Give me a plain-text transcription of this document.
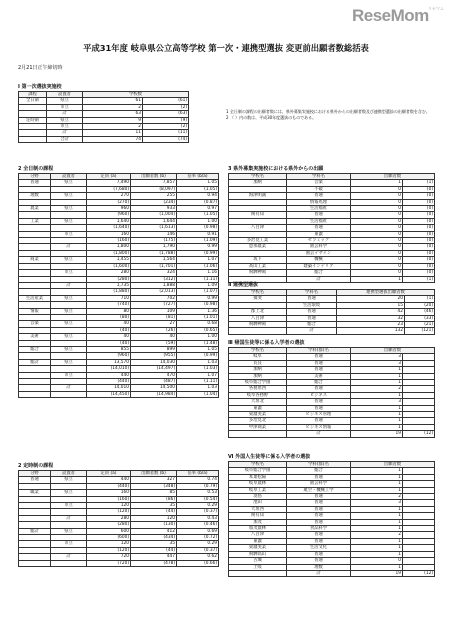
ReseMom リセマム
平成31年度 岐阜県公立高等学校 第一次・連携型選抜 変更前出願者数総括表
2月21日正午締切時
Ⅰ 第一次選抜実施校
課程	設置者	学校数	
全日制	県立	61	(61)
	市立	2	(2)
	計	63	(63)
定時制	県立	9	(9)
	市立	2	(2)
	計	11	(11)
	合計	74	(74)
1 全日制の課程の出願者数には、県外募集実施校における県外からの出願者数及び連携型選抜の出願者数を含む。
2 （ ）内の数は、平成30年度選抜のものである。
2 全日制の課程
分野	設置者	定員 (a)	出願者数 (b)	倍率 (b/a)
普通	県立	7,490	7,857	1.05
		(7,680)	(8,097)	(1.05)
理数	県立	270	255	0.94
		(270)	(234)	(0.87)
農業	県立	960	933	0.97
		(960)	(1,004)	(1.05)
工業	県立	1,640	1,644	1.00
		(1,640)	(1,613)	(0.98)
	市立	160	146	0.91
		(160)	(175)	(1.09)
	計	1,800	1,790	0.99
		(1,800)	(1,788)	(0.99)
商業	県立	1,455	1,564	1.07
		(1,600)	(1,701)	(1.06)
	市立	280	324	1.16
		(280)	(312)	(1.11)
	計	1,735	1,888	1.09
		(1,880)	(2,013)	(1.07)
生活産業	県立	710	702	0.99
		(740)	(727)	(0.98)
情報	県立	80	109	1.36
		(80)	(81)	(1.01)
音楽	県立	40	27	0.68
		(40)	(26)	(0.65)
美術	県立	40	40	1.00
		(40)	(59)	(1.48)
総合	県立	855	899	1.05
		(960)	(955)	(0.99)
総計	県立	13,570	14,030	1.03
		(14,010)	(14,497)	(1.03)
	市立	440	470	1.07
		(440)	(487)	(1.11)
	計	14,010	14,500	1.03
		(14,450)	(14,984)	(1.04)
2 定時制の課程
分野	設置者	定員 (a)	出願者数 (b)	倍率 (b/a)
普通	県立	440	327	0.74
		(440)	(348)	(0.79)
職業	県立	160	85	0.53
		(160)	(86)	(0.54)
	市立	120	35	0.29
		(120)	(44)	(0.37)
	計	280	120	0.43
		(280)	(130)	(0.46)
総計	県立	600	412	0.69
		(600)	(434)	(0.72)
	市立	120	35	0.29
		(120)	(44)	(0.37)
	計	720	447	0.62
		(720)	(478)	(0.66)
3 県外募集実施校における県外からの出願
学校名	学科名	出願者数	
加納	音楽	1	(1)
	不破	0	(0)
海津明誠	普通	0	(0)
	情報処理	0	(0)
	生活福祉	0	(0)
関有知	普通	0	(0)
	生活福祉	0	(0)
八百津	普通	0	(0)
	東濃	0	(0)
多治見工業	セラミック	0	(0)
恵那農業	園芸科学	0	(0)
	園芸デザイン	0	(0)
坂下	機械	0	(0)
高山工業	建築インテリア	0	(0)
飛騨神岡	総合	0	(0)
	計	1	(1)
Ⅱ 連携型選抜
学校名	学科名	連携型選抜出願者数	
揖斐	普通	20	(1)
	生活環境	15	(20)
郡上北	普通	42	(46)
八百津	普通	32	(33)
飛騨神岡	総合	23	(21)
	計	132	(121)
Ⅲ 帰国生徒等に係る入学者の選抜
学校名	学科(群)名	出願者数	
岐阜	普通	3	
長良	普通	3	
加納	普通	1	
加納	美術	1	
岐阜総合学園	総合	1	
各務原西	普通	2	
岐阜各務野	ビジネス	1	
大垣北	普通	3	
東濃	普通	1	
東濃実業	ビジネス管理	1	
多治見北	普通	1	
中津商業	ビジネス情報	1	
	計	19	(12)
Ⅵ 外国人生徒等に係る入学者の選抜
学校名	学科(群)名	出願者数	
岐阜総合学園	総合	1	
本巣松陽	普通	1	
岐阜農林	園芸科学	1	
岐阜工業	航空・機械工学	1	
羽島	普通	2	
池田	普通	3	
大垣西	普通	1	
関有知	普通	1	
加茂	普通	1	
加茂農林	食品科学	1	
八百津	普通	2	
東濃	普通	1	
東濃実業	生活文化	1	
飛騨高山	普通	1	
古城	普通	0	
土岐	理数	1	
	計	19	(12)
